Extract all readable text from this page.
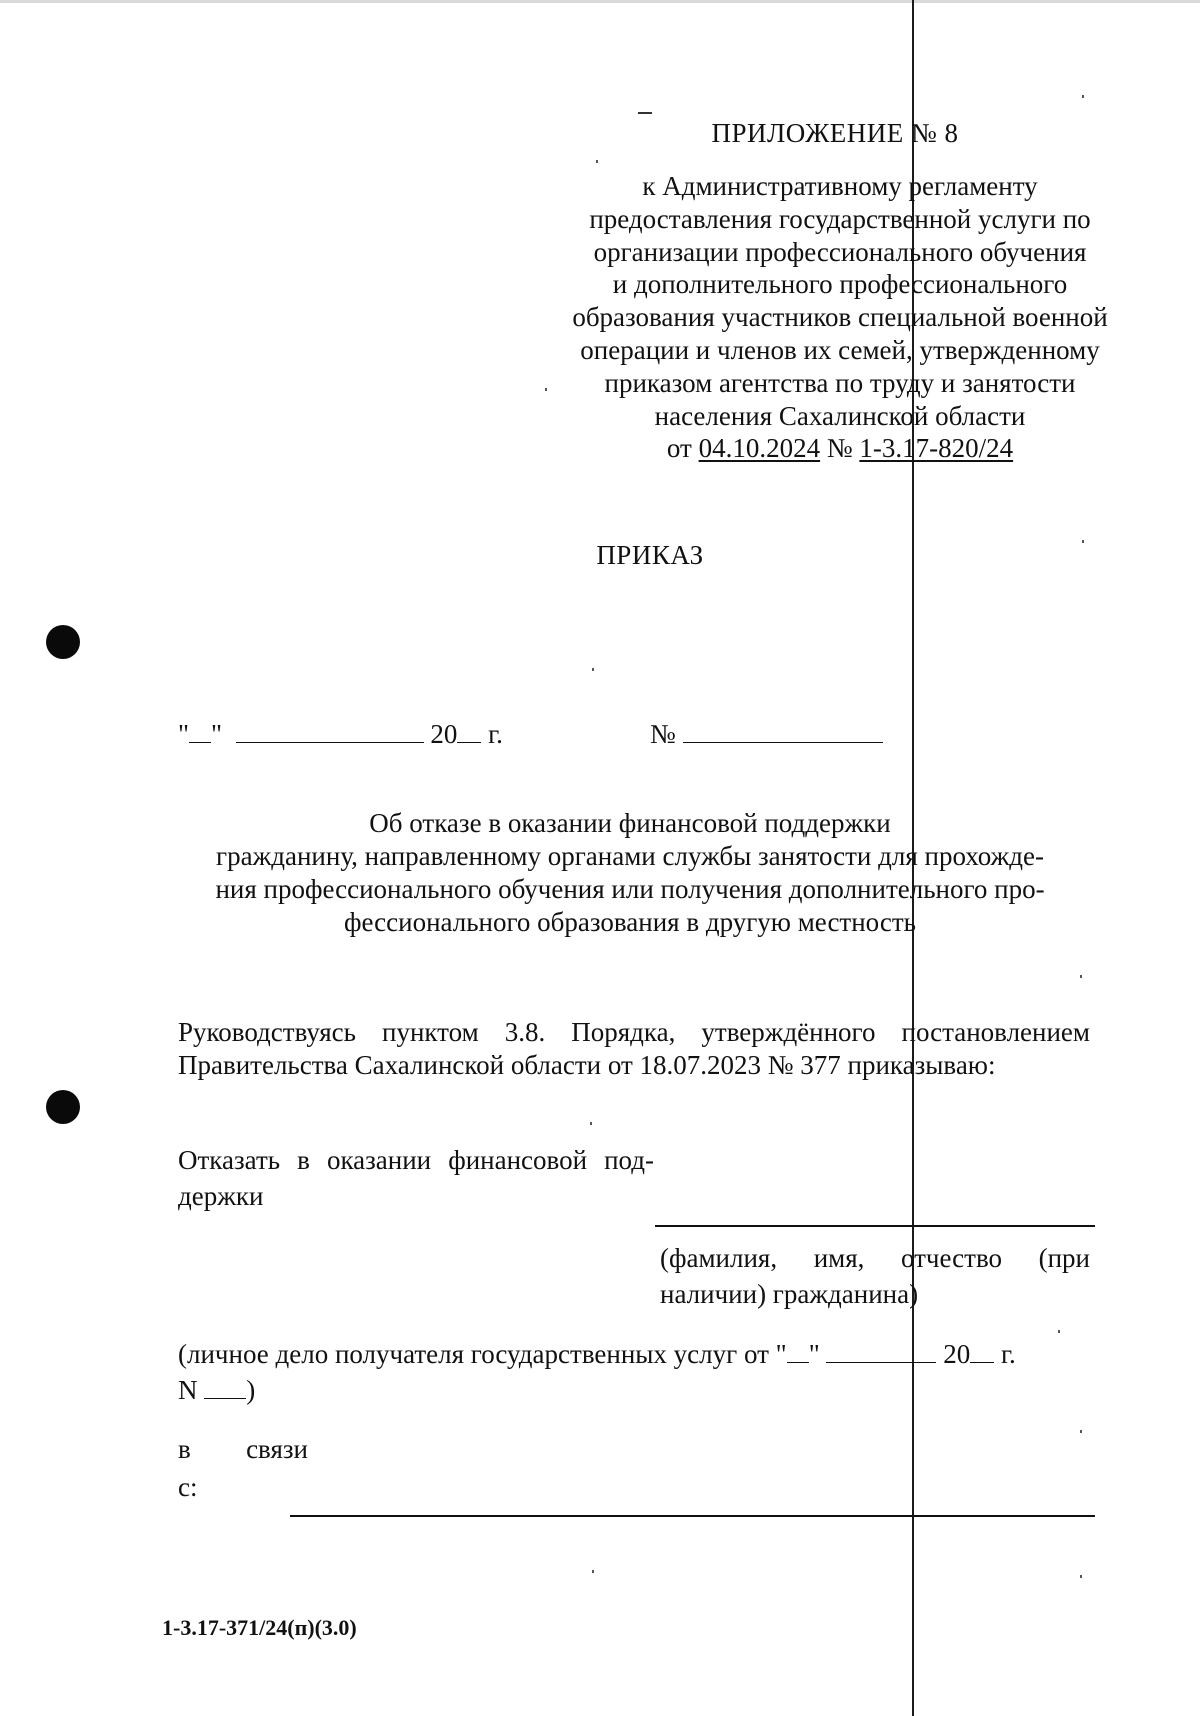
ПРИЛОЖЕНИЕ № 8
к Административному регламенту
предоставления государственной услуги по
организации профессионального обучения
и дополнительного профессионального
образования участников специальной военной
операции и членов их семей, утвержденному
приказом агентства по труду и занятости
населения Сахалинской области
от 04.10.2024 № 1-3.17-820/24
ПРИКАЗ
" "	20 г.	№
Об отказе в оказании финансовой поддержки
гражданину, направленному органами службы занятости для прохожде-
ния профессионального обучения или получения дополнительного про-
фессионального образования в другую местность
Руководствуясь пунктом 3.8. Порядка, утверждённого постановлением
Правительства Сахалинской области от 18.07.2023 № 377 приказываю:
Отказать в оказании финансовой под-
держки
(фамилия, имя, отчество (при
наличии) гражданина)
(личное дело получателя государственных услуг от " "	20 г.
N )
в связи
с:
1-3.17-371/24(п)(3.0)
